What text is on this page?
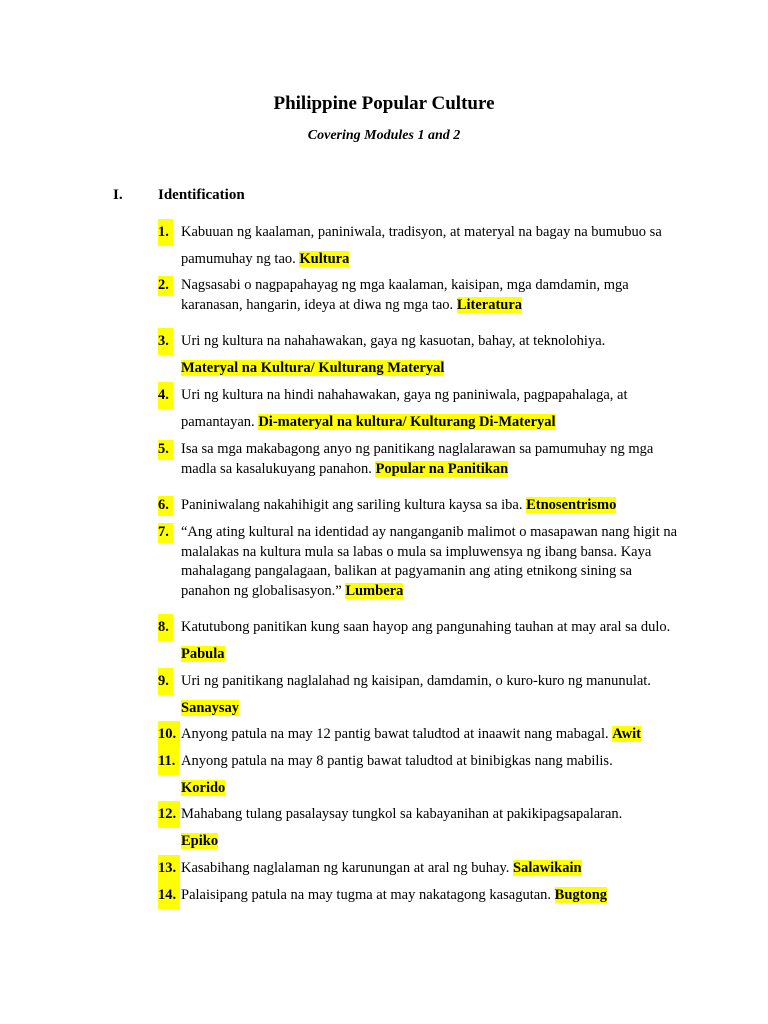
Philippine Popular Culture
Covering Modules 1 and 2
I. Identification
1. Kabuuan ng kaalaman, paniniwala, tradisyon, at materyal na bagay na bumubuo sa pamumuhay ng tao. Kultura
2. Nagsasabi o nagpapahayag ng mga kaalaman, kaisipan, mga damdamin, mga karanasan, hangarin, ideya at diwa ng mga tao. Literatura
3. Uri ng kultura na nahahawakan, gaya ng kasuotan, bahay, at teknolohiya.
Materyal na Kultura/ Kulturang Materyal
4. Uri ng kultura na hindi nahahawakan, gaya ng paniniwala, pagpapahalaga, at pamantayan. Di-materyal na kultura/ Kulturang Di-Materyal
5. Isa sa mga makabagong anyo ng panitikang naglalarawan sa pamumuhay ng mga madla sa kasalukuyang panahon. Popular na Panitikan
6. Paniniwalang nakahihigit ang sariling kultura kaysa sa iba. Etnosentrismo
7. “Ang ating kultural na identidad ay nanganganib malimot o masapawan nang higit na malalakas na kultura mula sa labas o mula sa impluwensya ng ibang bansa. Kaya mahalagang pangalagaan, balikan at pagyamanin ang ating etnikong sining sa panahon ng globalisasyon.” Lumbera
8. Katutubong panitikan kung saan hayop ang pangunahing tauhan at may aral sa dulo. Pabula
9. Uri ng panitikang naglalahad ng kaisipan, damdamin, o kuro-kuro ng manunulat.
Sanaysay
10. Anyong patula na may 12 pantig bawat taludtod at inaawit nang mabagal. Awit
11. Anyong patula na may 8 pantig bawat taludtod at binibigkas nang mabilis.
Korido
12. Mahabang tulang pasalaysay tungkol sa kabayanihan at pakikipagsapalaran.
Epiko
13. Kasabihang naglalaman ng karunungan at aral ng buhay. Salawikain
14. Palaisipang patula na may tugma at may nakatagong kasagutan. Bugtong
